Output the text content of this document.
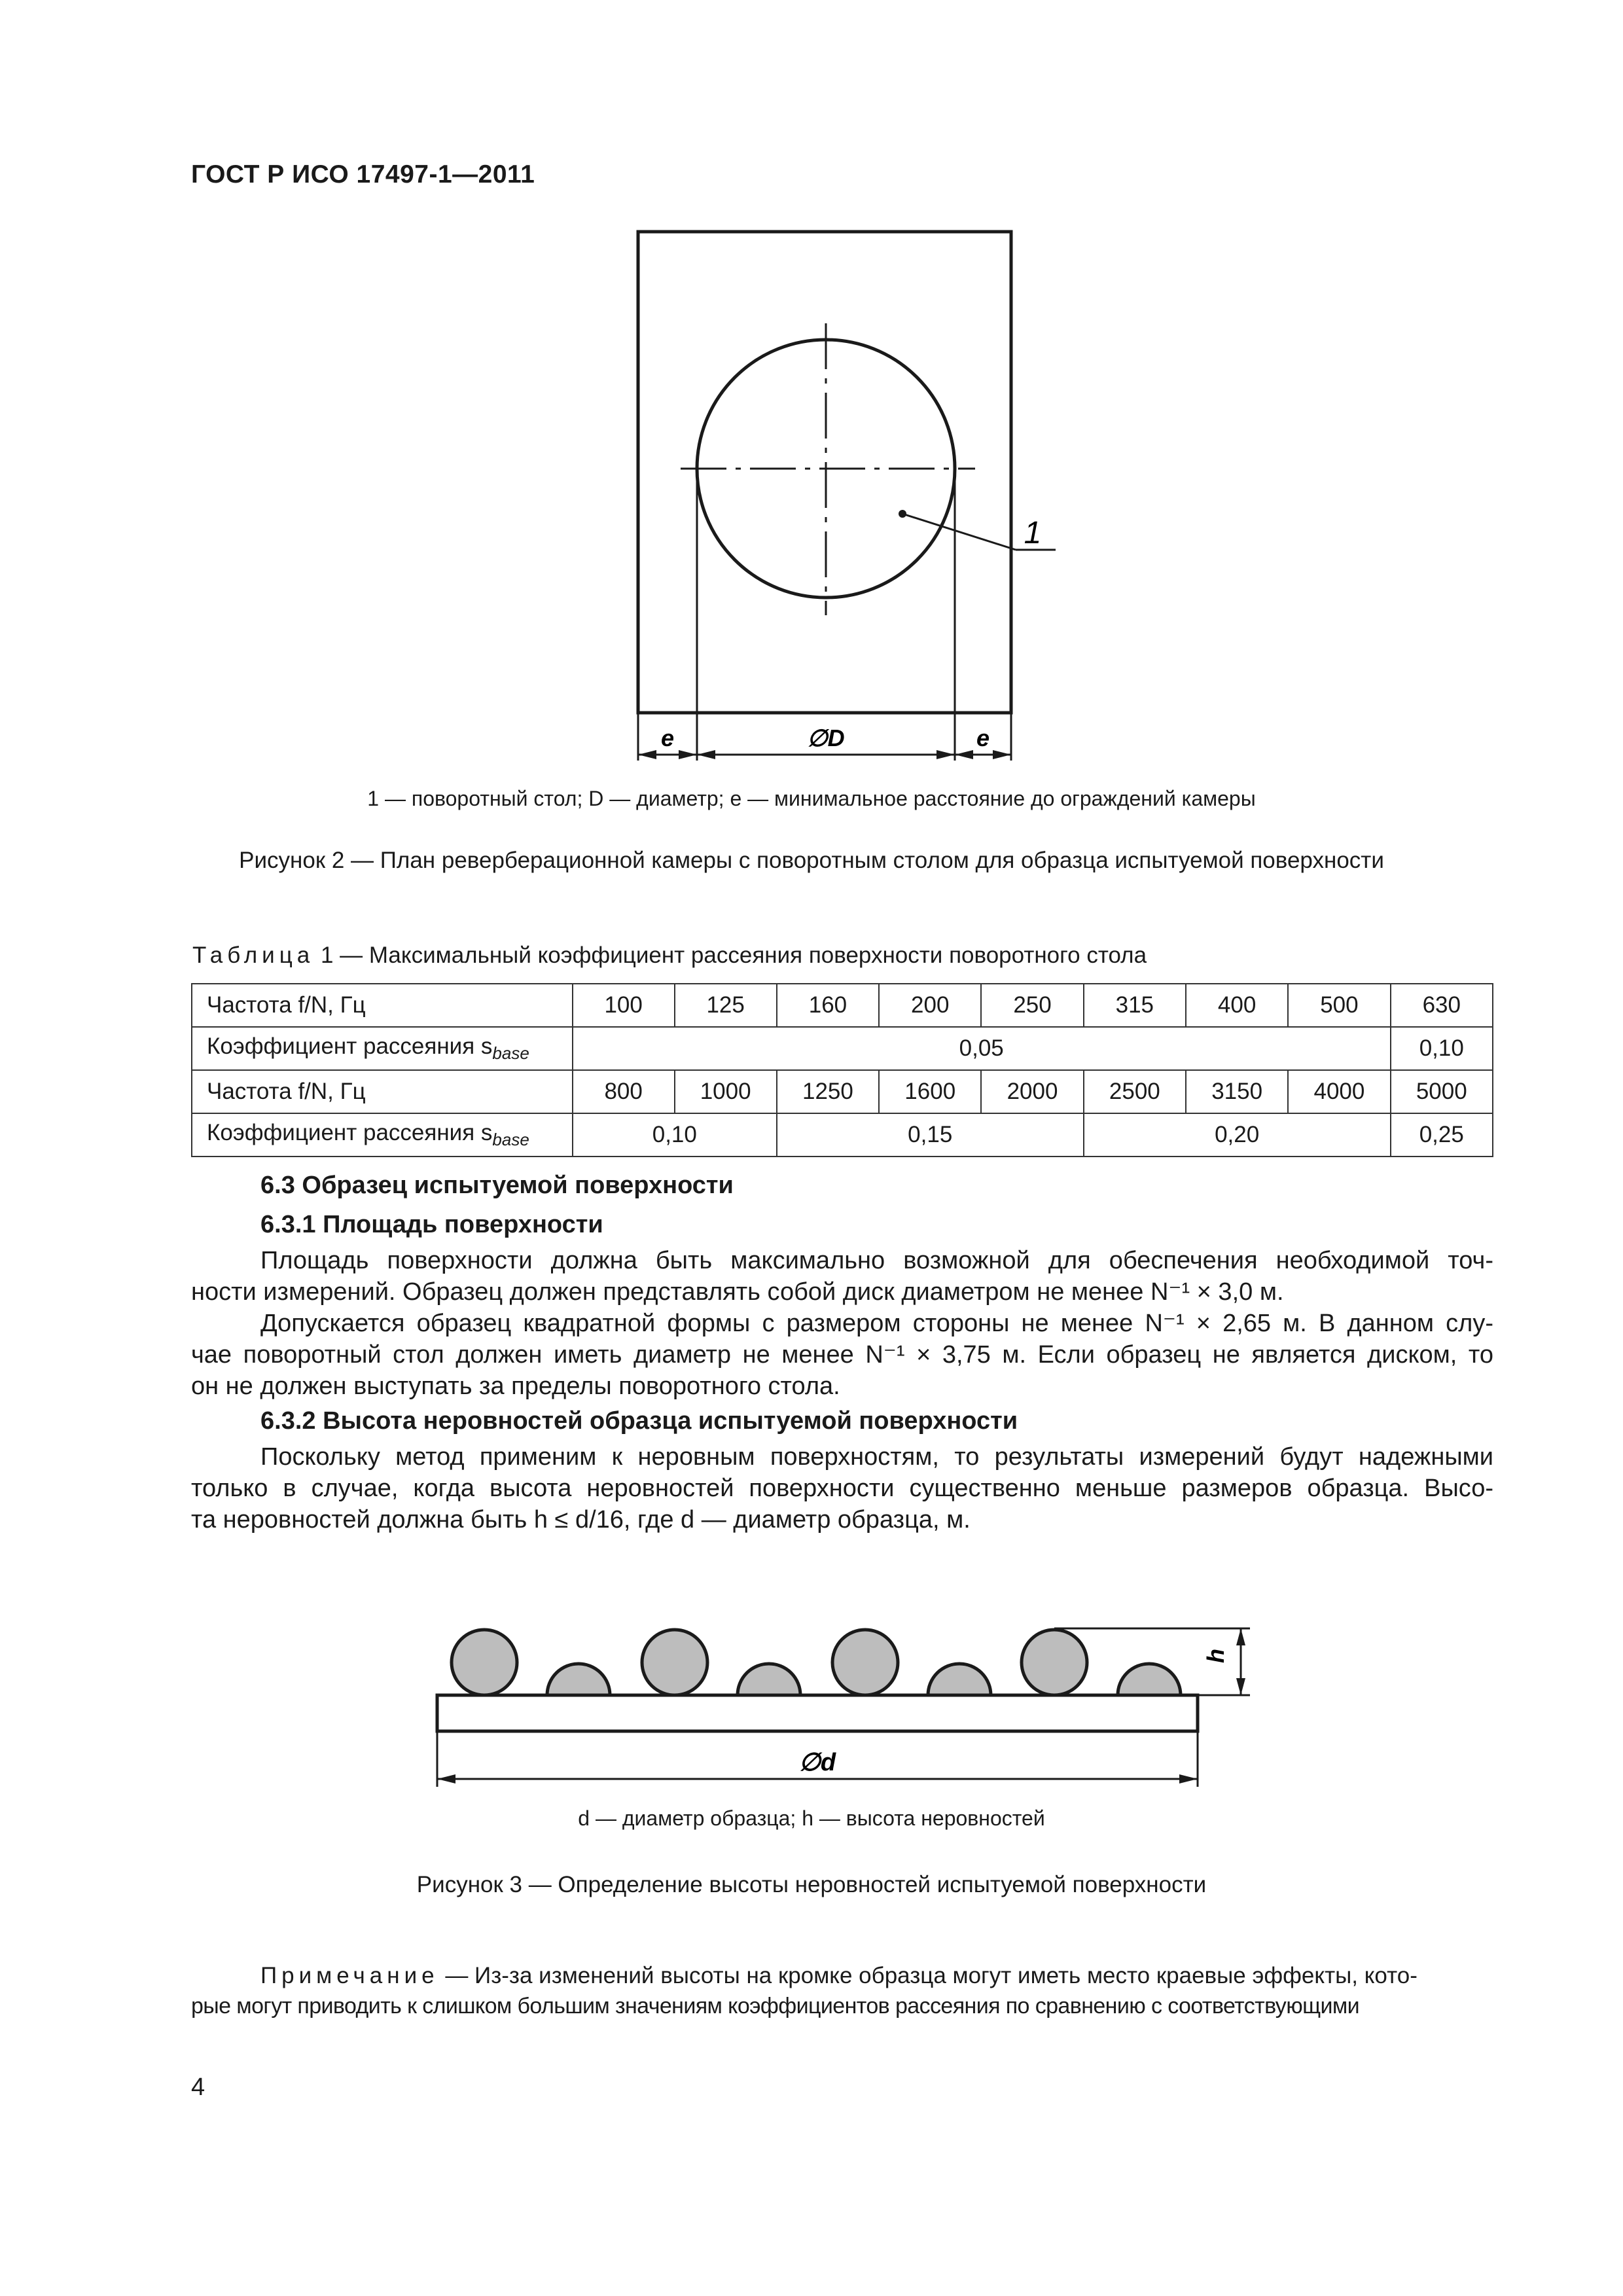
ГОСТ Р ИСО 17497-1—2011
1
e	∅D	e
1 — поворотный стол; D — диаметр; e — минимальное расстояние до ограждений камеры
Рисунок 2 — План реверберационной камеры с поворотным столом для образца испытуемой поверхности
Таблица 1 — Максимальный коэффициент рассеяния поверхности поворотного стола
Частота f/N, Гц	100	125	160	200	250	315	400	500	630
Коэффициент рассеяния $s_{base}$	0,05								0,10
Частота f/N, Гц	800	1000	1250	1600	2000	2500	3150	4000	5000
Коэффициент рассеяния $s_{base}$	0,10		0,15			0,20			0,25
6.3 Образец испытуемой поверхности
6.3.1 Площадь поверхности
Площадь поверхности должна быть максимально возможной для обеспечения необходимой точ-
ности измерений. Образец должен представлять собой диск диаметром не менее N⁻¹ × 3,0 м.
Допускается образец квадратной формы с размером стороны не менее N⁻¹ × 2,65 м. В данном слу-
чае поворотный стол должен иметь диаметр не менее N⁻¹ × 3,75 м. Если образец не является диском, то
он не должен выступать за пределы поворотного стола.
6.3.2 Высота неровностей образца испытуемой поверхности
Поскольку метод применим к неровным поверхностям, то результаты измерений будут надежными
только в случае, когда высота неровностей поверхности существенно меньше размеров образца. Высо-
та неровностей должна быть h ≤ d/16, где d — диаметр образца, м.
h
∅d
d — диаметр образца; h — высота неровностей
Рисунок 3 — Определение высоты неровностей испытуемой поверхности
Примечание — Из-за изменений высоты на кромке образца могут иметь место краевые эффекты, кото-
рые могут приводить к слишком большим значениям коэффициентов рассеяния по сравнению с соответствующими
4
